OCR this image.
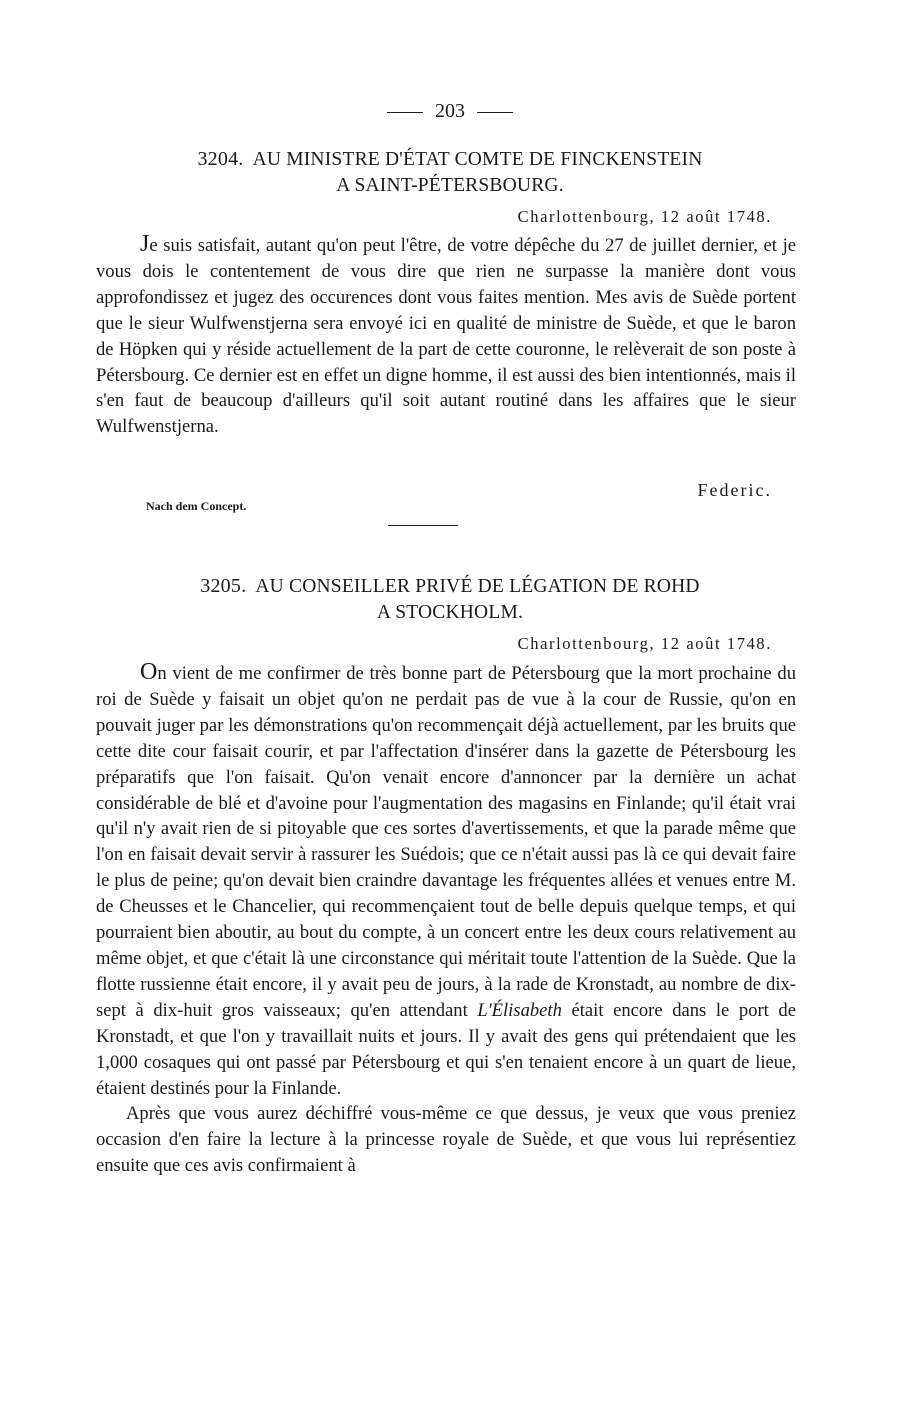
203
3204. AU MINISTRE D'ÉTAT COMTE DE FINCKENSTEIN
A SAINT-PÉTERSBOURG.
Charlottenbourg, 12 août 1748.

Je suis satisfait, autant qu'on peut l'être, de votre dépêche du 27 de juillet dernier, et je vous dois le contentement de vous dire que rien ne surpasse la manière dont vous approfondissez et jugez des occurences dont vous faites mention. Mes avis de Suède portent que le sieur Wulfwenstjerna sera envoyé ici en qualité de ministre de Suède, et que le baron de Höpken qui y réside actuellement de la part de cette couronne, le relèverait de son poste à Pétersbourg. Ce dernier est en effet un digne homme, il est aussi des bien intentionnés, mais il s'en faut de beaucoup d'ailleurs qu'il soit autant routiné dans les affaires que le sieur Wulfwenstjerna.

Federic.
Nach dem Concept.
3205. AU CONSEILLER PRIVÉ DE LÉGATION DE ROHD
A STOCKHOLM.
Charlottenbourg, 12 août 1748.

On vient de me confirmer de très bonne part de Pétersbourg que la mort prochaine du roi de Suède y faisait un objet qu'on ne perdait pas de vue à la cour de Russie, qu'on en pouvait juger par les démonstrations qu'on recommençait déjà actuellement, par les bruits que cette dite cour faisait courir, et par l'affectation d'insérer dans la gazette de Pétersbourg les préparatifs que l'on faisait. Qu'on venait encore d'annoncer par la dernière un achat considérable de blé et d'avoine pour l'augmentation des magasins en Finlande; qu'il était vrai qu'il n'y avait rien de si pitoyable que ces sortes d'avertissements, et que la parade même que l'on en faisait devait servir à rassurer les Suédois; que ce n'était aussi pas là ce qui devait faire le plus de peine; qu'on devait bien craindre davantage les fréquentes allées et venues entre M. de Cheusses et le Chancelier, qui recommençaient tout de belle depuis quelque temps, et qui pourraient bien aboutir, au bout du compte, à un concert entre les deux cours relativement au même objet, et que c'était là une circonstance qui méritait toute l'attention de la Suède. Que la flotte russienne était encore, il y avait peu de jours, à la rade de Kronstadt, au nombre de dix-sept à dix-huit gros vaisseaux; qu'en attendant L'Élisabeth était encore dans le port de Kronstadt, et que l'on y travaillait nuits et jours. Il y avait des gens qui prétendaient que les 1,000 cosaques qui ont passé par Pétersbourg et qui s'en tenaient encore à un quart de lieue, étaient destinés pour la Finlande.

Après que vous aurez déchiffré vous-même ce que dessus, je veux que vous preniez occasion d'en faire la lecture à la princesse royale de Suède, et que vous lui représentiez ensuite que ces avis confirmaient à
